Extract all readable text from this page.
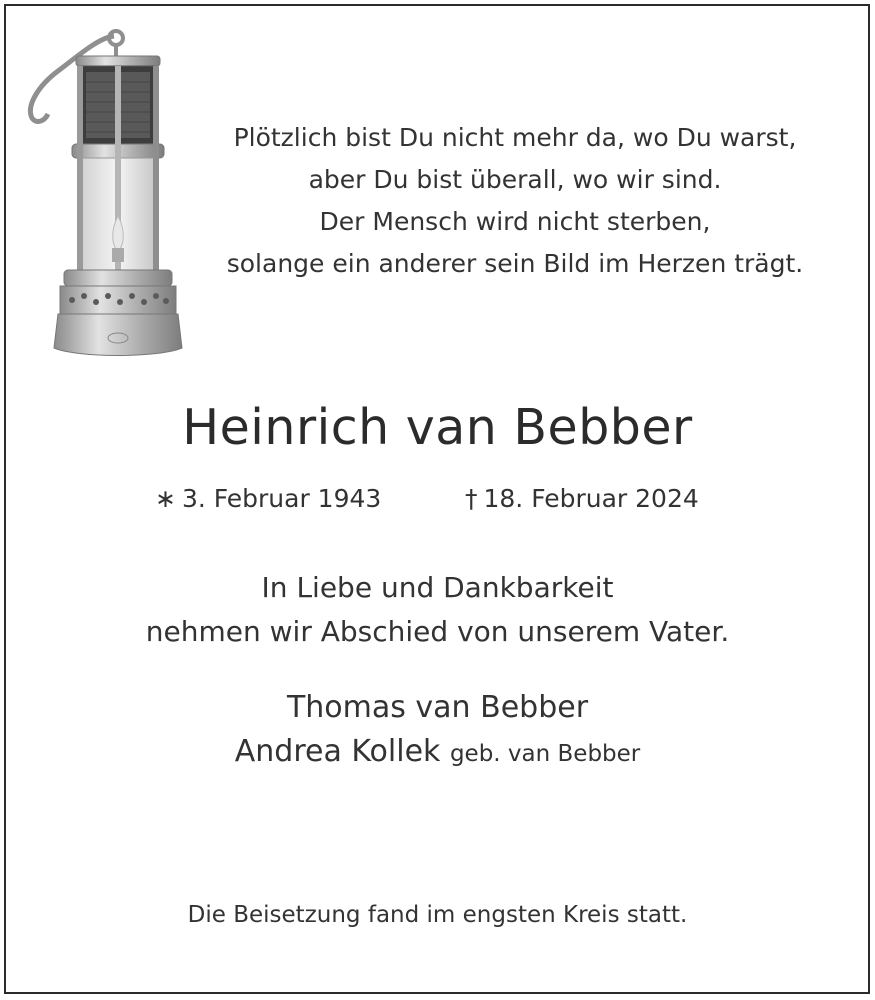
Plötzlich bist Du nicht mehr da, wo Du warst,
aber Du bist überall, wo wir sind.
Der Mensch wird nicht sterben,
solange ein anderer sein Bild im Herzen trägt.
Heinrich van Bebber
∗ 3. Februar 1943	† 18. Februar 2024
In Liebe und Dankbarkeit
nehmen wir Abschied von unserem Vater.
Thomas van Bebber
Andrea Kollek geb. van Bebber
Die Beisetzung fand im engsten Kreis statt.
